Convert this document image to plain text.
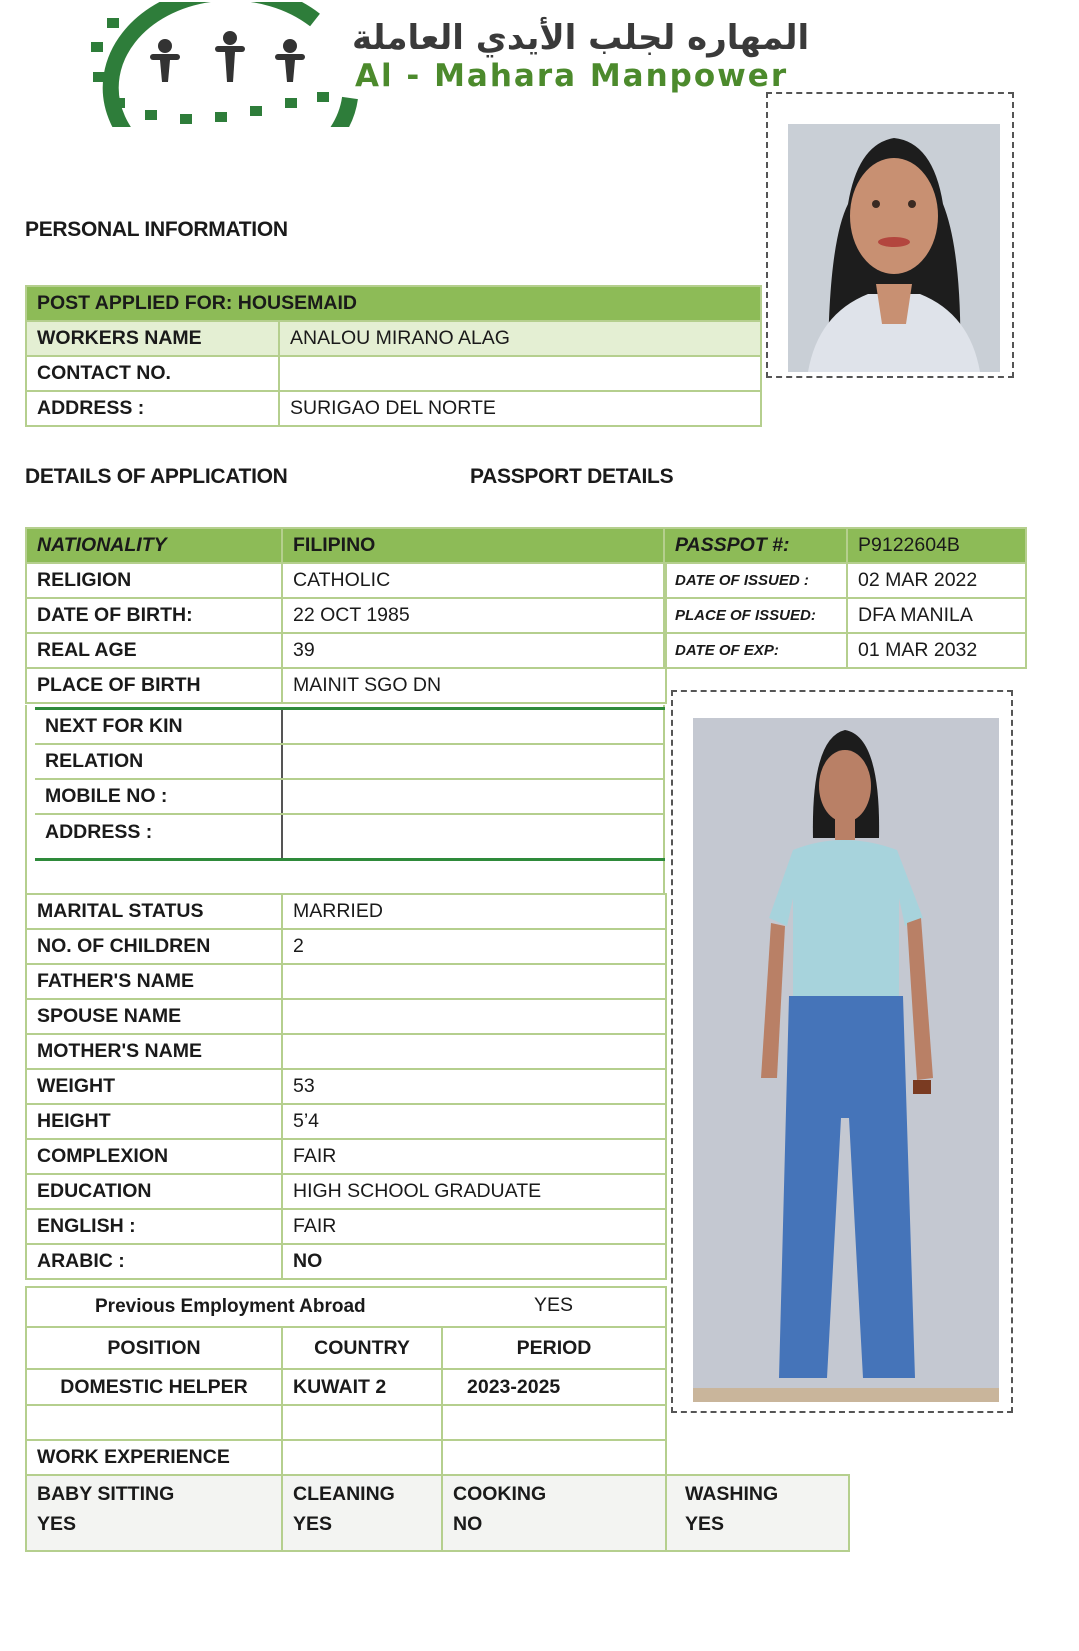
المهاره لجلب الأيدي العاملة
Al - Mahara Manpower
PERSONAL INFORMATION
POST APPLIED FOR: HOUSEMAID	
WORKERS NAME	ANALOU MIRANO ALAG
CONTACT NO.	
ADDRESS :	SURIGAO DEL NORTE
DETAILS OF APPLICATION	PASSPORT DETAILS
NATIONALITY	FILIPINO
RELIGION	CATHOLIC
DATE OF BIRTH:	22 OCT 1985
REAL AGE	39
PLACE OF BIRTH	MAINIT SGO DN
PASSPOT #:	P9122604B
DATE OF ISSUED :	02 MAR 2022
PLACE OF ISSUED:	DFA MANILA
DATE OF EXP:	01 MAR 2032
NEXT FOR KIN	
RELATION	
MOBILE NO :	
ADDRESS :	
MARITAL STATUS	MARRIED
NO. OF CHILDREN	2
FATHER'S NAME	
SPOUSE NAME	
MOTHER'S NAME	
WEIGHT	53
HEIGHT	5’4
COMPLEXION	FAIR
EDUCATION	HIGH SCHOOL GRADUATE
ENGLISH :	FAIR
ARABIC :	NO
Previous Employment Abroad		YES
POSITION	COUNTRY	PERIOD
DOMESTIC HELPER	KUWAIT 2	2023-2025

WORK EXPERIENCE		
BABY SITTING	CLEANING	COOKING	WASHING
YES	YES	NO	YES
